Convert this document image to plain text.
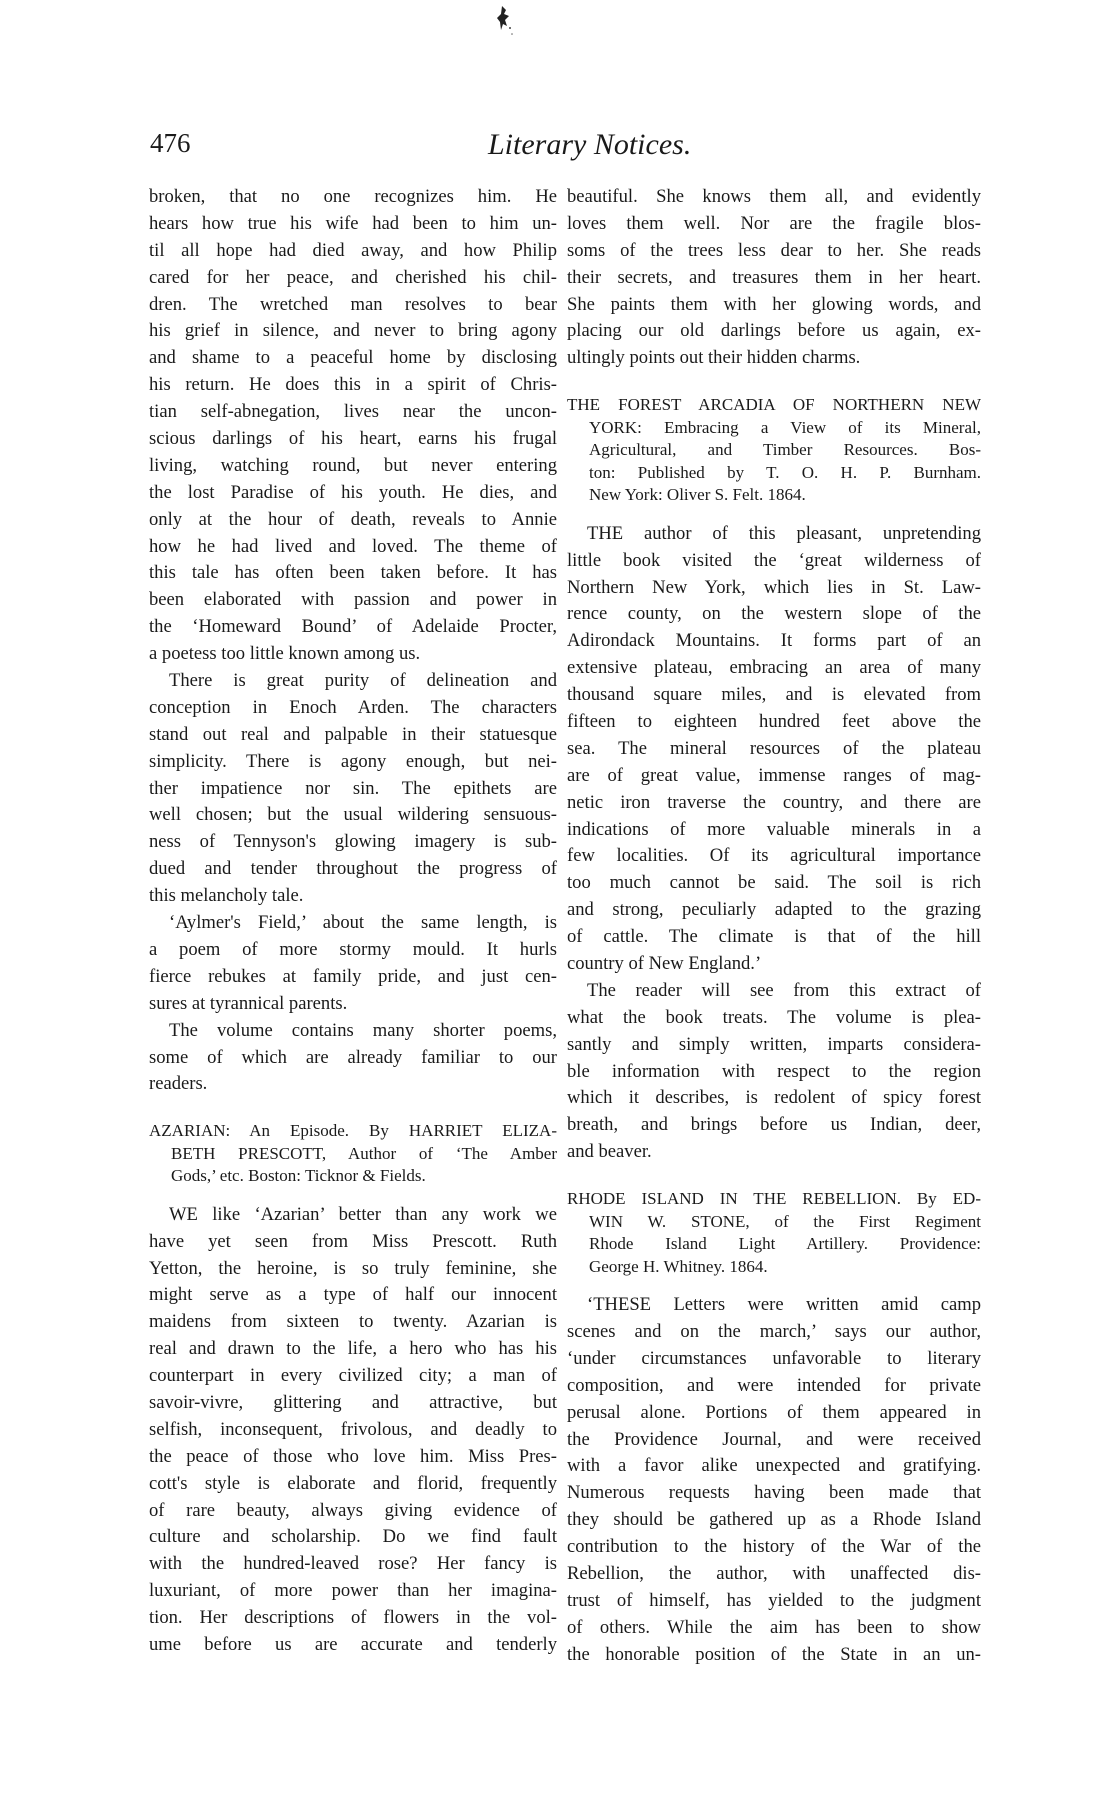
476	Literary Notices.
broken, that no one recognizes him. He
hears how true his wife had been to him un-
til all hope had died away, and how Philip
cared for her peace, and cherished his chil-
dren. The wretched man resolves to bear
his grief in silence, and never to bring agony
and shame to a peaceful home by disclosing
his return. He does this in a spirit of Chris-
tian self-abnegation, lives near the uncon-
scious darlings of his heart, earns his frugal
living, watching round, but never entering
the lost Paradise of his youth. He dies, and
only at the hour of death, reveals to Annie
how he had lived and loved. The theme of
this tale has often been taken before. It has
been elaborated with passion and power in
the ‘Homeward Bound’ of Adelaide Procter,
a poetess too little known among us.
There is great purity of delineation and
conception in Enoch Arden. The characters
stand out real and palpable in their statuesque
simplicity. There is agony enough, but nei-
ther impatience nor sin. The epithets are
well chosen; but the usual wildering sensuous-
ness of Tennyson's glowing imagery is sub-
dued and tender throughout the progress of
this melancholy tale.
‘Aylmer's Field,’ about the same length, is
a poem of more stormy mould. It hurls
fierce rebukes at family pride, and just cen-
sures at tyrannical parents.
The volume contains many shorter poems,
some of which are already familiar to our
readers.
AZARIAN: An Episode. By HARRIET ELIZA-
BETH PRESCOTT, Author of ‘The Amber
Gods,’ etc. Boston: Ticknor & Fields.
WE like ‘Azarian’ better than any work we
have yet seen from Miss Prescott. Ruth
Yetton, the heroine, is so truly feminine, she
might serve as a type of half our innocent
maidens from sixteen to twenty. Azarian is
real and drawn to the life, a hero who has his
counterpart in every civilized city; a man of
savoir-vivre, glittering and attractive, but
selfish, inconsequent, frivolous, and deadly to
the peace of those who love him. Miss Pres-
cott's style is elaborate and florid, frequently
of rare beauty, always giving evidence of
culture and scholarship. Do we find fault
with the hundred-leaved rose? Her fancy is
luxuriant, of more power than her imagina-
tion. Her descriptions of flowers in the vol-
ume before us are accurate and tenderly
beautiful. She knows them all, and evidently
loves them well. Nor are the fragile blos-
soms of the trees less dear to her. She reads
their secrets, and treasures them in her heart.
She paints them with her glowing words, and
placing our old darlings before us again, ex-
ultingly points out their hidden charms.
THE FOREST ARCADIA OF NORTHERN NEW
YORK: Embracing a View of its Mineral,
Agricultural, and Timber Resources. Bos-
ton: Published by T. O. H. P. Burnham.
New York: Oliver S. Felt. 1864.
THE author of this pleasant, unpretending
little book visited the ‘great wilderness of
Northern New York, which lies in St. Law-
rence county, on the western slope of the
Adirondack Mountains. It forms part of an
extensive plateau, embracing an area of many
thousand square miles, and is elevated from
fifteen to eighteen hundred feet above the
sea. The mineral resources of the plateau
are of great value, immense ranges of mag-
netic iron traverse the country, and there are
indications of more valuable minerals in a
few localities. Of its agricultural importance
too much cannot be said. The soil is rich
and strong, peculiarly adapted to the grazing
of cattle. The climate is that of the hill
country of New England.’
The reader will see from this extract of
what the book treats. The volume is plea-
santly and simply written, imparts considera-
ble information with respect to the region
which it describes, is redolent of spicy forest
breath, and brings before us Indian, deer,
and beaver.
RHODE ISLAND IN THE REBELLION. By ED-
WIN W. STONE, of the First Regiment
Rhode Island Light Artillery. Providence:
George H. Whitney. 1864.
‘THESE Letters were written amid camp
scenes and on the march,’ says our author,
‘under circumstances unfavorable to literary
composition, and were intended for private
perusal alone. Portions of them appeared in
the Providence Journal, and were received
with a favor alike unexpected and gratifying.
Numerous requests having been made that
they should be gathered up as a Rhode Island
contribution to the history of the War of the
Rebellion, the author, with unaffected dis-
trust of himself, has yielded to the judgment
of others. While the aim has been to show
the honorable position of the State in an un-
